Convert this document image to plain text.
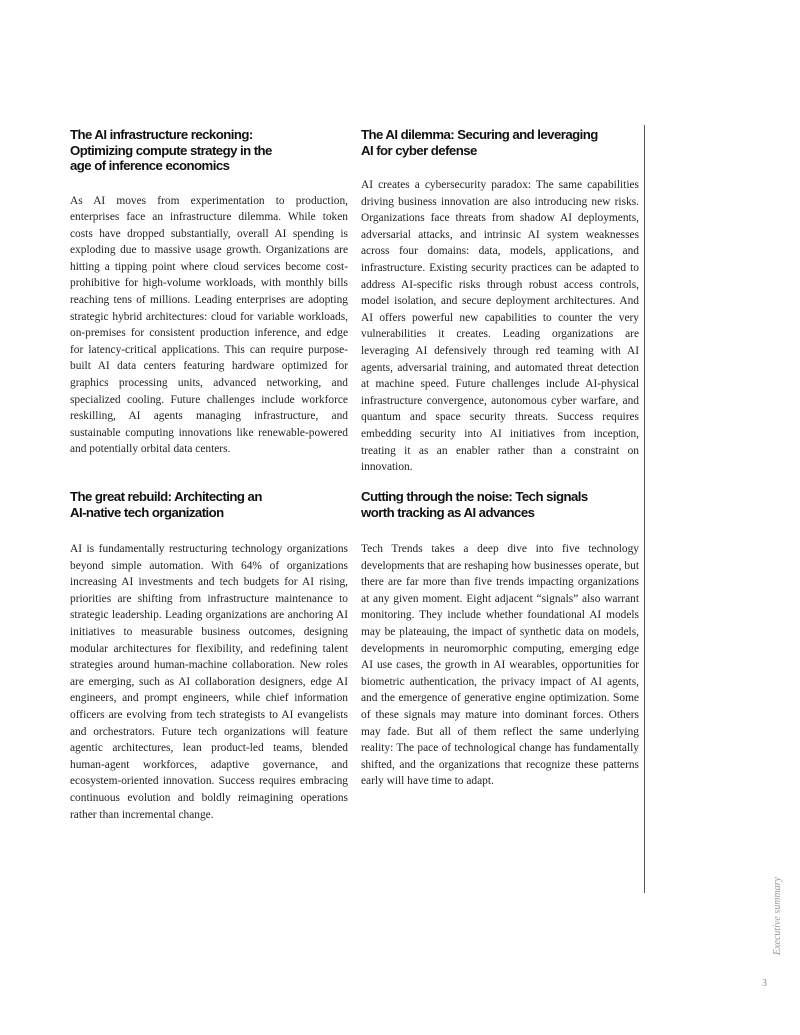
The AI infrastructure reckoning:
Optimizing compute strategy in the
age of inference economics

As AI moves from experimentation to production, enterprises face an infrastructure dilemma. While token costs have dropped substantially, overall AI spending is exploding due to massive usage growth. Organizations are hitting a tipping point where cloud services become cost-prohibitive for high-volume workloads, with monthly bills reaching tens of millions. Leading enterprises are adopting strategic hybrid architectures: cloud for variable workloads, on-premises for consistent production inference, and edge for latency-critical applications. This can require purpose-built AI data centers featuring hardware optimized for graphics processing units, advanced networking, and specialized cooling. Future challenges include workforce reskilling, AI agents managing infrastructure, and sustainable computing innovations like renewable-powered and potentially orbital data centers.

The AI dilemma: Securing and leveraging
AI for cyber defense

AI creates a cybersecurity paradox: The same capabilities driving business innovation are also introducing new risks. Organizations face threats from shadow AI deployments, adversarial attacks, and intrinsic AI system weaknesses across four domains: data, models, applications, and infrastructure. Existing security practices can be adapted to address AI-specific risks through robust access controls, model isolation, and secure deployment architectures. And AI offers powerful new capabilities to counter the very vulnerabilities it creates. Leading organizations are leveraging AI defensively through red teaming with AI agents, adversarial training, and automated threat detection at machine speed. Future challenges include AI-physical infrastructure convergence, autonomous cyber warfare, and quantum and space security threats. Success requires embedding security into AI initiatives from inception, treating it as an enabler rather than a constraint on innovation.

The great rebuild: Architecting an
AI-native tech organization

AI is fundamentally restructuring technology organizations beyond simple automation. With 64% of organizations increasing AI investments and tech budgets for AI rising, priorities are shifting from infrastructure maintenance to strategic leadership. Leading organizations are anchoring AI initiatives to measurable business outcomes, designing modular architectures for flexibility, and redefining talent strategies around human-machine collaboration. New roles are emerging, such as AI collaboration designers, edge AI engineers, and prompt engineers, while chief information officers are evolving from tech strategists to AI evangelists and orchestrators. Future tech organizations will feature agentic architectures, lean product-led teams, blended human-agent workforces, adaptive governance, and ecosystem-oriented innovation. Success requires embracing continuous evolution and boldly reimagining operations rather than incremental change.

Cutting through the noise: Tech signals
worth tracking as AI advances

Tech Trends takes a deep dive into five technology developments that are reshaping how businesses operate, but there are far more than five trends impacting organizations at any given moment. Eight adjacent “signals” also warrant monitoring. They include whether foundational AI models may be plateauing, the impact of synthetic data on models, developments in neuromorphic computing, emerging edge AI use cases, the growth in AI wearables, opportunities for biometric authentication, the privacy impact of AI agents, and the emergence of generative engine optimization. Some of these signals may mature into dominant forces. Others may fade. But all of them reflect the same underlying reality: The pace of technological change has fundamentally shifted, and the organizations that recognize these patterns early will have time to adapt.

Executive summary
3
